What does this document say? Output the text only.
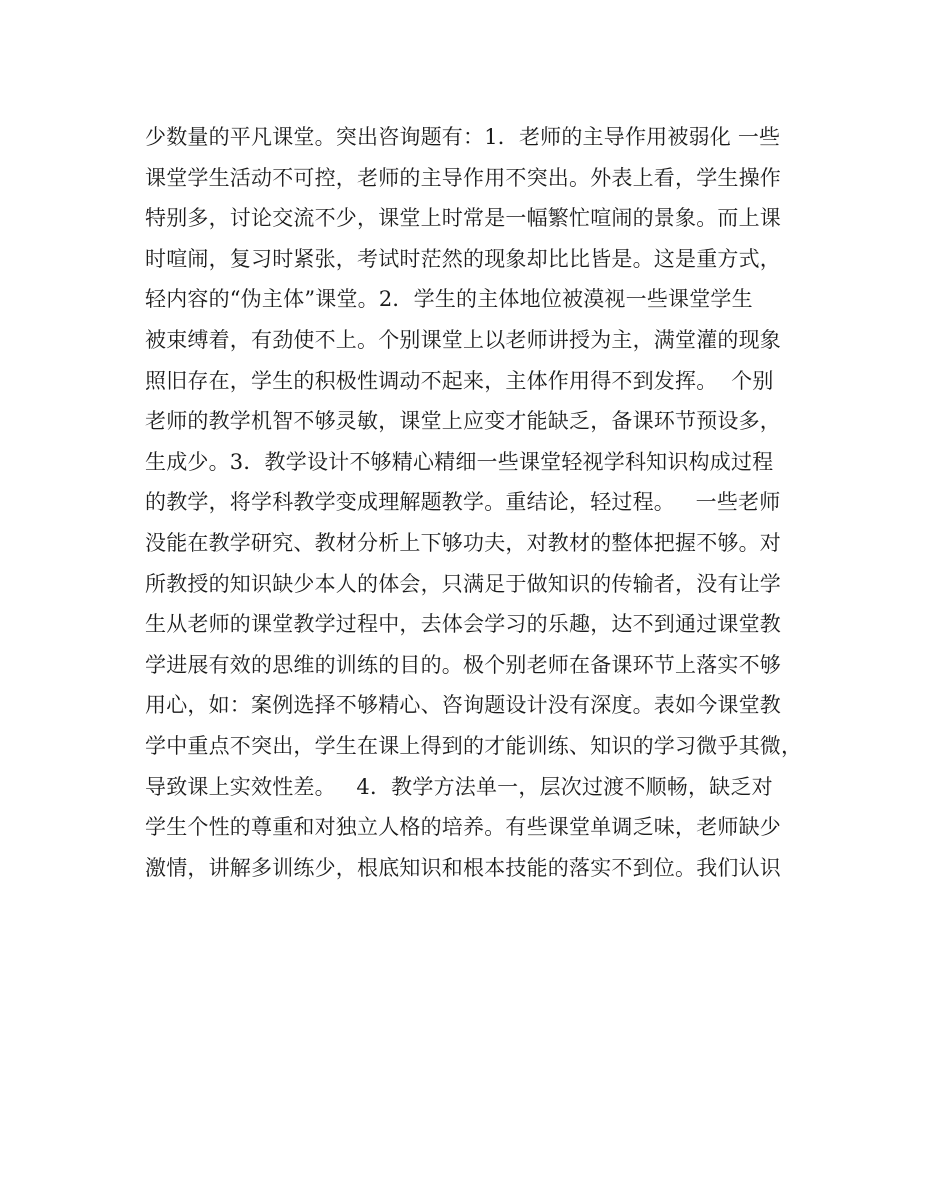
少数量的平凡课堂。突出咨询题有：1．老师的主导作用被弱化 一些
课堂学生活动不可控，老师的主导作用不突出。外表上看，学生操作
特别多，讨论交流不少，课堂上时常是一幅繁忙喧闹的景象。而上课
时喧闹，复习时紧张，考试时茫然的现象却比比皆是。这是重方式，
轻内容的“伪主体”课堂。2．学生的主体地位被漠视一些课堂学生
被束缚着，有劲使不上。个别课堂上以老师讲授为主，满堂灌的现象
照旧存在，学生的积极性调动不起来，主体作用得不到发挥。  个别
老师的教学机智不够灵敏，课堂上应变才能缺乏，备课环节预设多，
生成少。3．教学设计不够精心精细一些课堂轻视学科知识构成过程
的教学，将学科教学变成理解题教学。重结论，轻过程。   一些老师
没能在教学研究、教材分析上下够功夫，对教材的整体把握不够。对
所教授的知识缺少本人的体会，只满足于做知识的传输者，没有让学
生从老师的课堂教学过程中，去体会学习的乐趣，达不到通过课堂教
学进展有效的思维的训练的目的。极个别老师在备课环节上落实不够
用心，如：案例选择不够精心、咨询题设计没有深度。表如今课堂教
学中重点不突出，学生在课上得到的才能训练、知识的学习微乎其微，
导致课上实效性差。   4．教学方法单一，层次过渡不顺畅，缺乏对
学生个性的尊重和对独立人格的培养。有些课堂单调乏味，老师缺少
激情，讲解多训练少，根底知识和根本技能的落实不到位。我们认识
